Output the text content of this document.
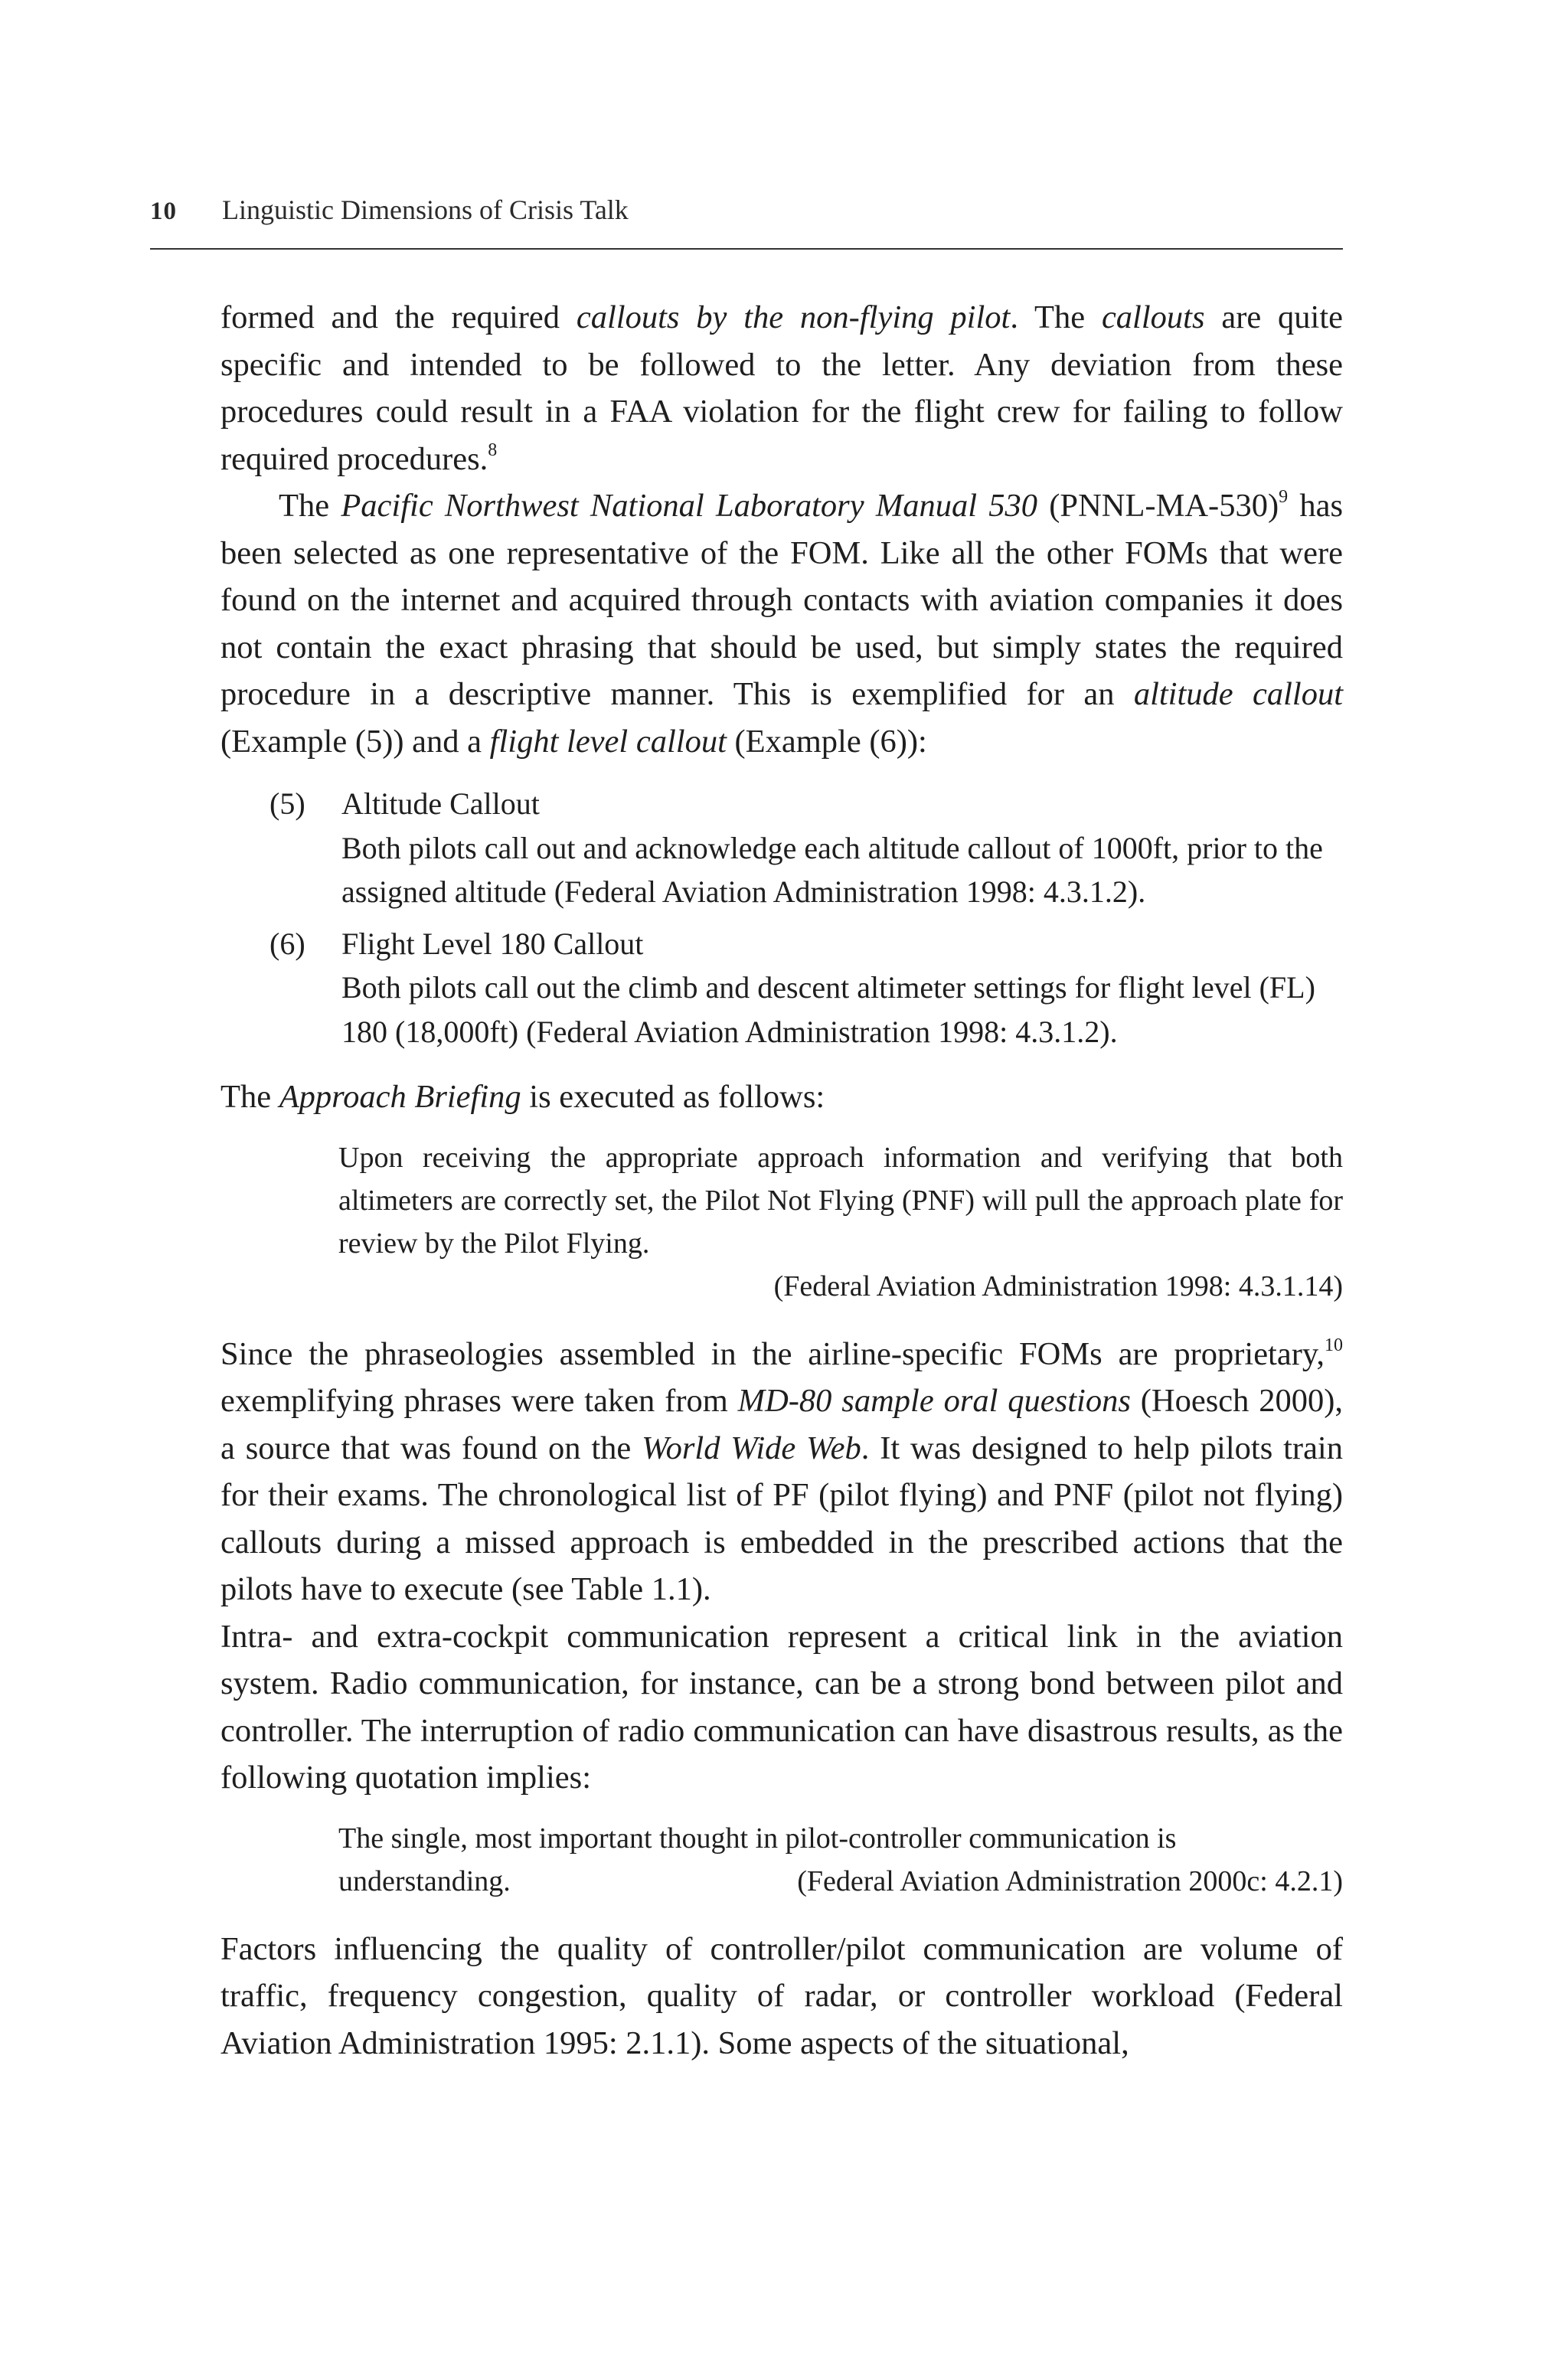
10 Linguistic Dimensions of Crisis Talk

formed and the required callouts by the non-flying pilot. The callouts are quite specific and intended to be followed to the letter. Any deviation from these procedures could result in a FAA violation for the flight crew for failing to follow required procedures.$^8$

The Pacific Northwest National Laboratory Manual 530 (PNNL-MA-530)$^9$ has been selected as one representative of the FOM. Like all the other FOMs that were found on the internet and acquired through contacts with aviation companies it does not contain the exact phrasing that should be used, but simply states the required procedure in a descriptive manner. This is exemplified for an altitude callout (Example (5)) and a flight level callout (Example (6)):

(5) Altitude Callout
Both pilots call out and acknowledge each altitude callout of 1000ft, prior to the assigned altitude (Federal Aviation Administration 1998: 4.3.1.2).
(6) Flight Level 180 Callout
Both pilots call out the climb and descent altimeter settings for flight level (FL) 180 (18,000ft) (Federal Aviation Administration 1998: 4.3.1.2).

The Approach Briefing is executed as follows:

Upon receiving the appropriate approach information and verifying that both altimeters are correctly set, the Pilot Not Flying (PNF) will pull the approach plate for review by the Pilot Flying.
(Federal Aviation Administration 1998: 4.3.1.14)

Since the phraseologies assembled in the airline-specific FOMs are proprietary,$^{10}$ exemplifying phrases were taken from MD-80 sample oral questions (Hoesch 2000), a source that was found on the World Wide Web. It was designed to help pilots train for their exams. The chronological list of PF (pilot flying) and PNF (pilot not flying) callouts during a missed approach is embedded in the prescribed actions that the pilots have to execute (see Table 1.1).

Intra- and extra-cockpit communication represent a critical link in the aviation system. Radio communication, for instance, can be a strong bond between pilot and controller. The interruption of radio communication can have disastrous results, as the following quotation implies:

The single, most important thought in pilot-controller communication is
understanding.	(Federal Aviation Administration 2000c: 4.2.1)

Factors influencing the quality of controller/pilot communication are volume of traffic, frequency congestion, quality of radar, or controller workload (Federal Aviation Administration 1995: 2.1.1). Some aspects of the situational,
